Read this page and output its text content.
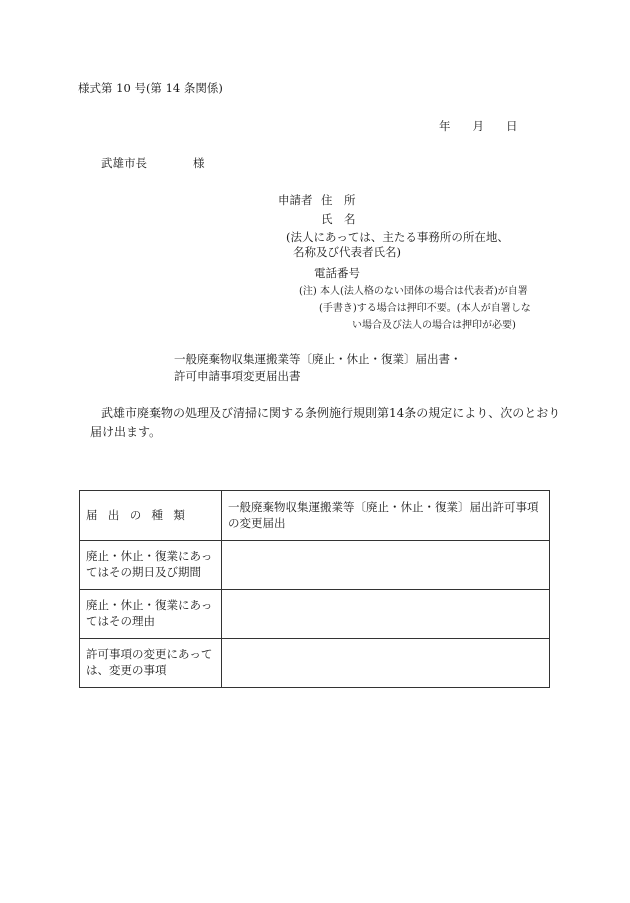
様式第 10 号(第 14 条関係)
年 月 日
武雄市長	様
申請者 住　所
氏　名
(法人にあっては、主たる事務所の所在地、
名称及び代表者氏名)
電話番号
(注) 本人(法人格のない団体の場合は代表者)が自署
(手書き)する場合は押印不要。(本人が自署しな
い場合及び法人の場合は押印が必要)
一般廃棄物収集運搬業等〔廃止・休止・復業〕届出書・
許可申請事項変更届出書
武雄市廃棄物の処理及び清掃に関する条例施行規則第14条の規定により、次のとおり
届け出ます。
届出の種類	一般廃棄物収集運搬業等〔廃止・休止・復業〕届出許可事項の変更届出
廃止・休止・復業にあってはその期日及び期間	
廃止・休止・復業にあってはその理由	
許可事項の変更にあっては、変更の事項	
